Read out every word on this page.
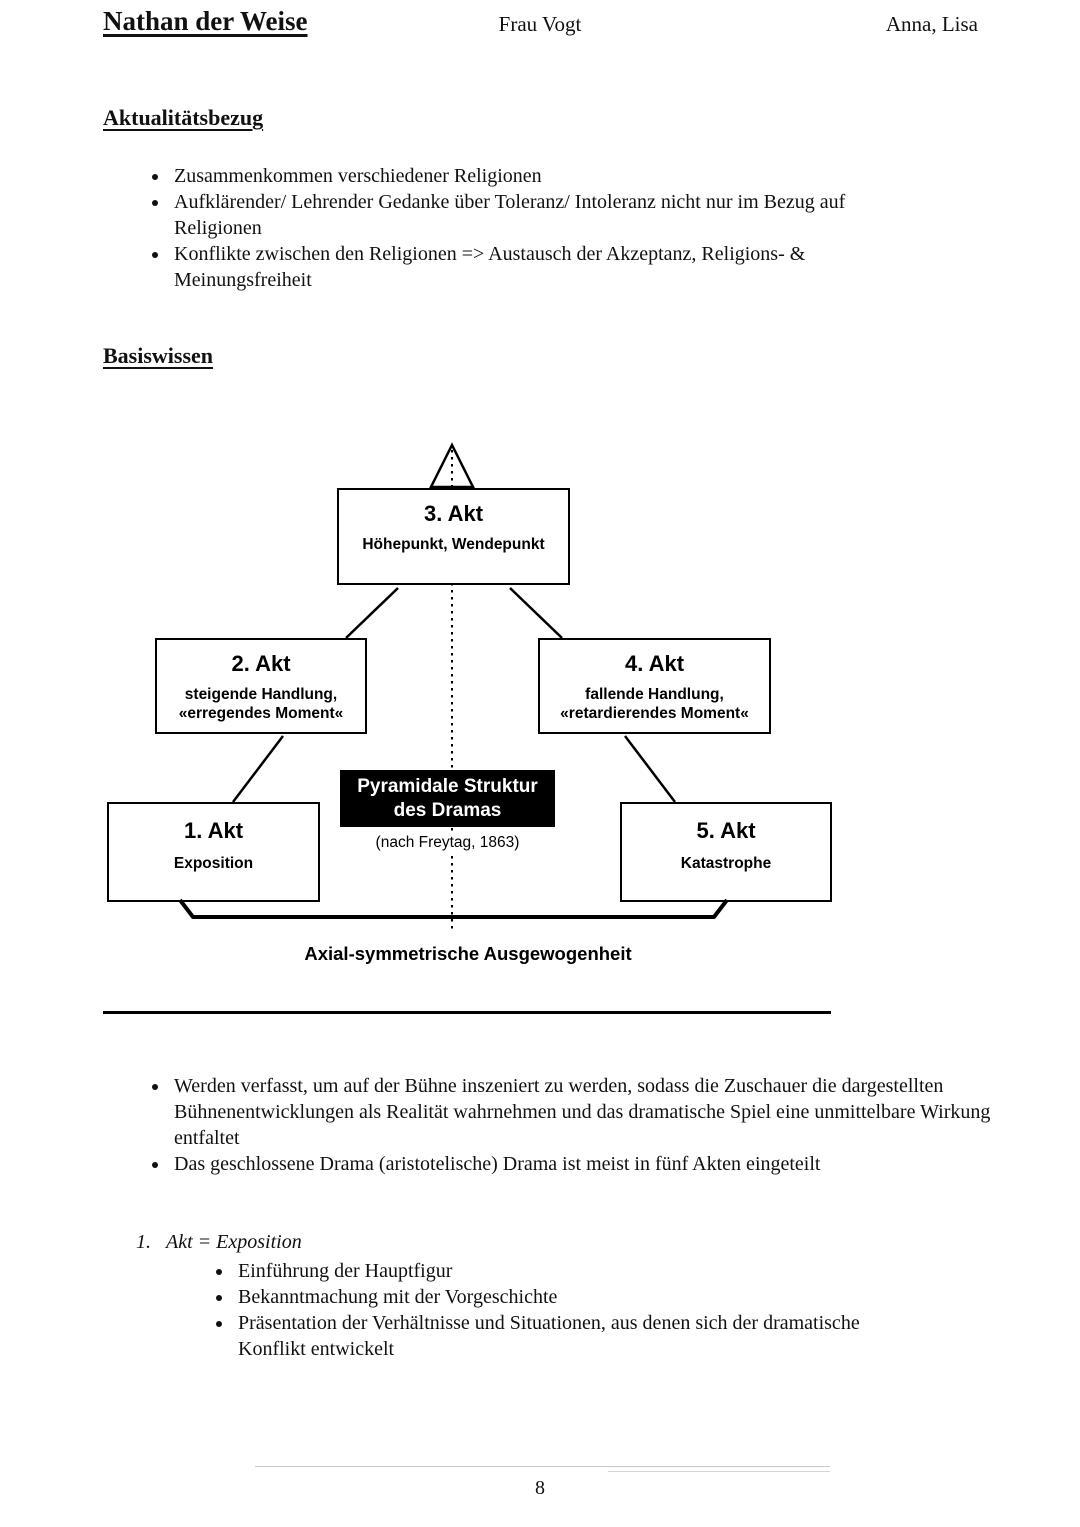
Nathan der Weise	Frau Vogt	Anna, Lisa
Aktualitätsbezug
• Zusammenkommen verschiedener Religionen
• Aufklärender/ Lehrender Gedanke über Toleranz/ Intoleranz nicht nur im Bezug auf Religionen
• Konflikte zwischen den Religionen => Austausch der Akzeptanz, Religions- & Meinungsfreiheit
Basiswissen
3. Akt
Höhepunkt, Wendepunkt
2. Akt
steigende Handlung,
«erregendes Moment«
4. Akt
fallende Handlung,
«retardierendes Moment«
1. Akt
Exposition
5. Akt
Katastrophe
Pyramidale Struktur
des Dramas
(nach Freytag, 1863)
Axial-symmetrische Ausgewogenheit
• Werden verfasst, um auf der Bühne inszeniert zu werden, sodass die Zuschauer die dargestellten Bühnenentwicklungen als Realität wahrnehmen und das dramatische Spiel eine unmittelbare Wirkung entfaltet
• Das geschlossene Drama (aristotelische) Drama ist meist in fünf Akten eingeteilt
1. Akt = Exposition
• Einführung der Hauptfigur
• Bekanntmachung mit der Vorgeschichte
• Präsentation der Verhältnisse und Situationen, aus denen sich der dramatische Konflikt entwickelt
8
